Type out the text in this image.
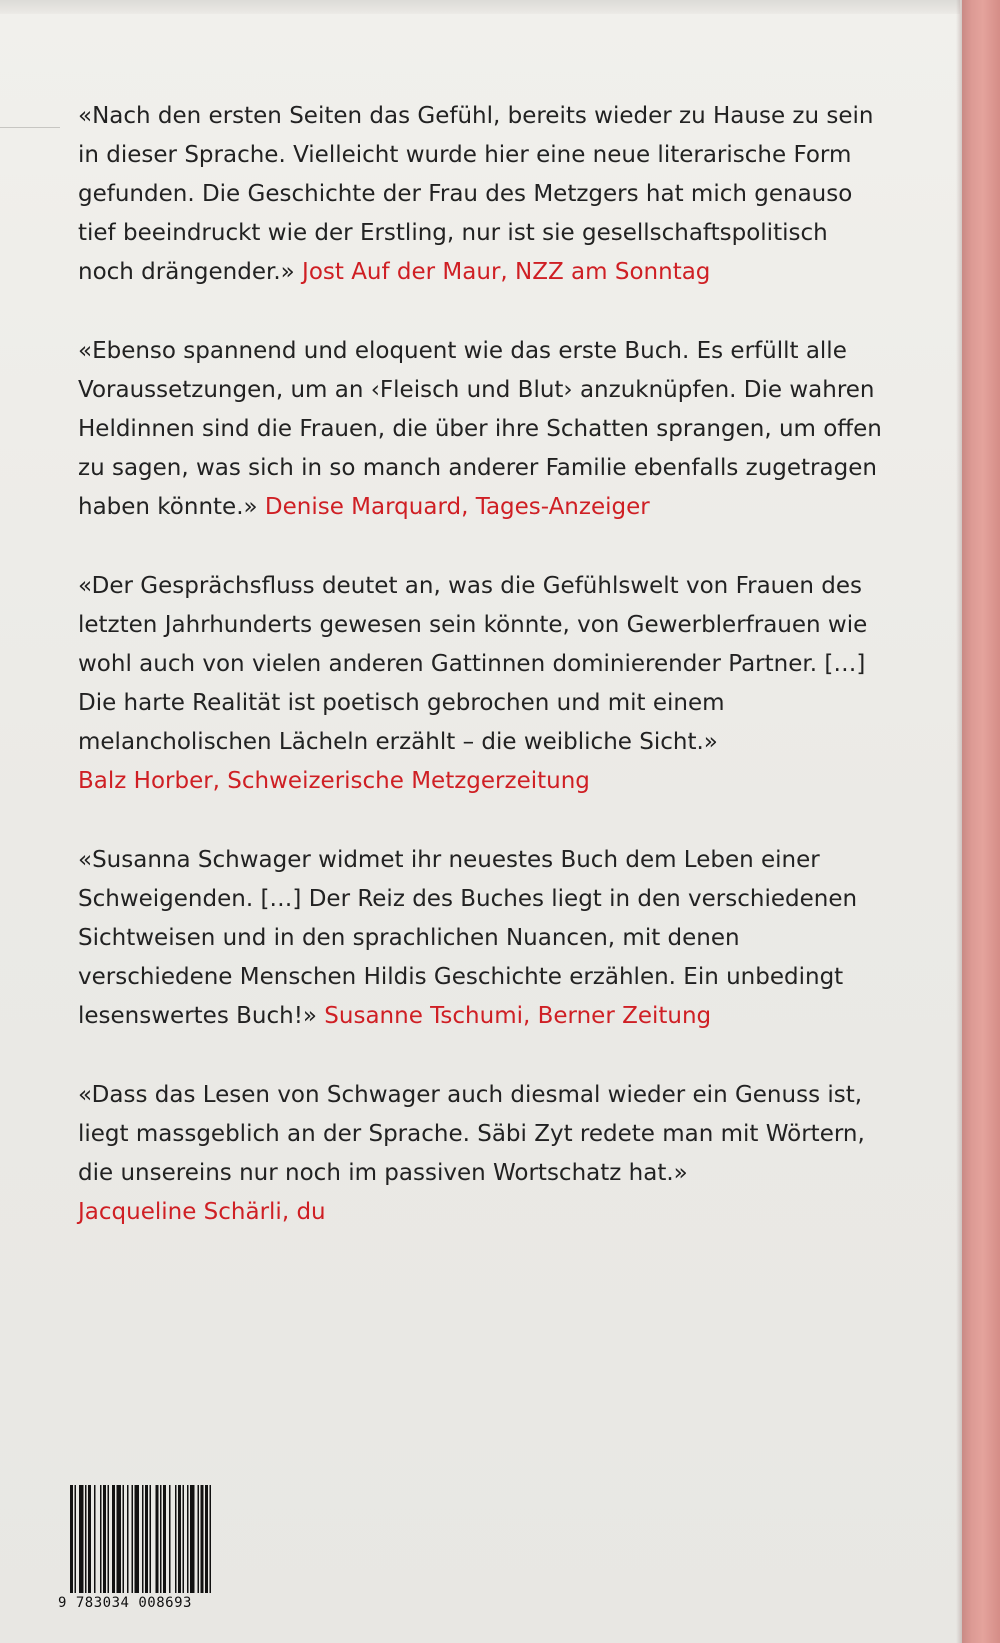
«Nach den ersten Seiten das Gefühl, bereits wieder zu Hause zu sein in dieser Sprache. Vielleicht wurde hier eine neue literarische Form gefunden. Die Geschichte der Frau des Metzgers hat mich genauso tief beeindruckt wie der Erstling, nur ist sie gesellschaftspolitisch noch drängender.» Jost Auf der Maur, NZZ am Sonntag
«Ebenso spannend und eloquent wie das erste Buch. Es erfüllt alle Voraussetzungen, um an ‹Fleisch und Blut› anzuknüpfen. Die wahren Heldinnen sind die Frauen, die über ihre Schatten sprangen, um offen zu sagen, was sich in so manch anderer Familie ebenfalls zugetragen haben könnte.» Denise Marquard, Tages-Anzeiger
«Der Gesprächsfluss deutet an, was die Gefühlswelt von Frauen des letzten Jahrhunderts gewesen sein könnte, von Gewerblerfrauen wie wohl auch von vielen anderen Gattinnen dominierender Partner. […] Die harte Realität ist poetisch gebrochen und mit einem melancholischen Lächeln erzählt – die weibliche Sicht.»
Balz Horber, Schweizerische Metzgerzeitung
«Susanna Schwager widmet ihr neuestes Buch dem Leben einer Schweigenden. […] Der Reiz des Buches liegt in den verschiedenen Sichtweisen und in den sprachlichen Nuancen, mit denen verschiedene Menschen Hildis Geschichte erzählen. Ein unbedingt lesenswertes Buch!» Susanne Tschumi, Berner Zeitung
«Dass das Lesen von Schwager auch diesmal wieder ein Genuss ist, liegt massgeblich an der Sprache. Säbi Zyt redete man mit Wörtern, die unsereins nur noch im passiven Wortschatz hat.»
Jacqueline Schärli, du
9 783034 008693
